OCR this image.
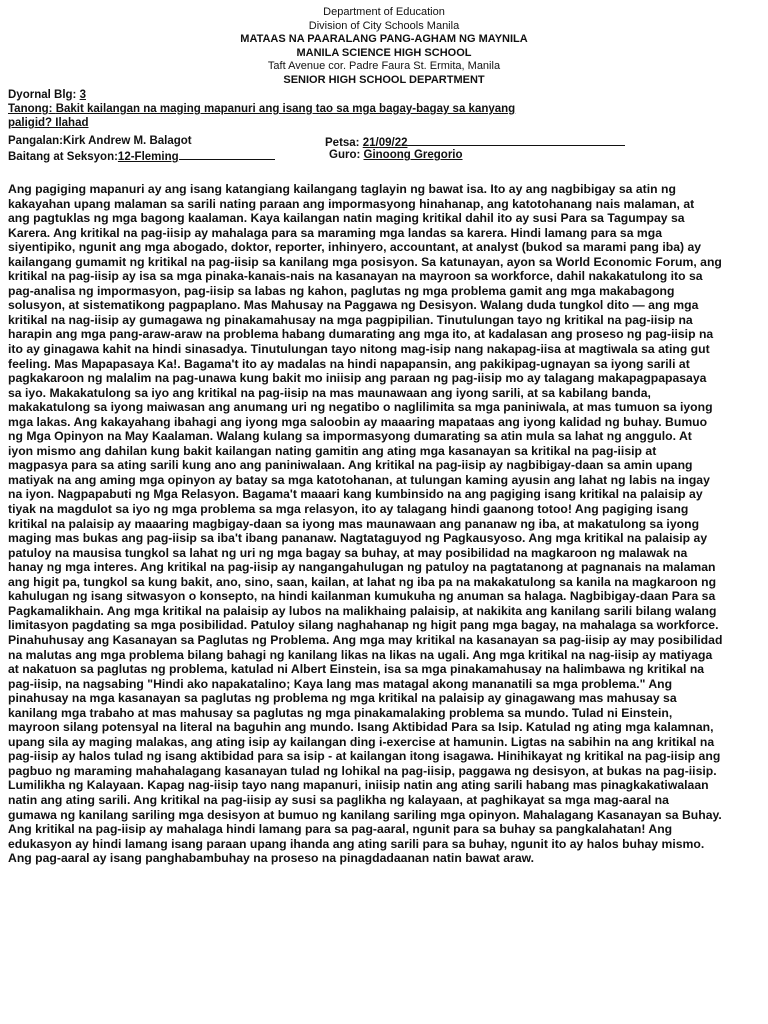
Department of Education
Division of City Schools Manila
MATAAS NA PAARALANG PANG-AGHAM NG MAYNILA
MANILA SCIENCE HIGH SCHOOL
Taft Avenue cor. Padre Faura St. Ermita, Manila
SENIOR HIGH SCHOOL DEPARTMENT
Dyornal Blg: 3
Tanong: Bakit kailangan na maging mapanuri ang isang tao sa mga bagay-bagay sa kanyang
paligid? Ilahad
Pangalan:Kirk Andrew M. Balagot	Petsa: 21/09/22
Baitang at Seksyon:12-Fleming	Guro: Ginoong Gregorio
Ang pagiging mapanuri ay ang isang katangiang kailangang taglayin ng bawat isa. Ito ay ang nagbibigay sa atin ng
kakayahan upang malaman sa sarili nating paraan ang impormasyong hinahanap, ang katotohanang nais malaman, at
ang pagtuklas ng mga bagong kaalaman. Kaya kailangan natin maging kritikal dahil ito ay susi Para sa Tagumpay sa
Karera. Ang kritikal na pag-iisip ay mahalaga para sa maraming mga landas sa karera. Hindi lamang para sa mga
siyentipiko, ngunit ang mga abogado, doktor, reporter, inhinyero, accountant, at analyst (bukod sa marami pang iba) ay
kailangang gumamit ng kritikal na pag-iisip sa kanilang mga posisyon. Sa katunayan, ayon sa World Economic Forum, ang
kritikal na pag-iisip ay isa sa mga pinaka-kanais-nais na kasanayan na mayroon sa workforce, dahil nakakatulong ito sa
pag-analisa ng impormasyon, pag-iisip sa labas ng kahon, paglutas ng mga problema gamit ang mga makabagong
solusyon, at sistematikong pagpaplano. Mas Mahusay na Paggawa ng Desisyon. Walang duda tungkol dito — ang mga
kritikal na nag-iisip ay gumagawa ng pinakamahusay na mga pagpipilian. Tinutulungan tayo ng kritikal na pag-iisip na
harapin ang mga pang-araw-araw na problema habang dumarating ang mga ito, at kadalasan ang proseso ng pag-iisip na
ito ay ginagawa kahit na hindi sinasadya. Tinutulungan tayo nitong mag-isip nang nakapag-iisa at magtiwala sa ating gut
feeling. Mas Mapapasaya Ka!. Bagama't ito ay madalas na hindi napapansin, ang pakikipag-ugnayan sa iyong sarili at
pagkakaroon ng malalim na pag-unawa kung bakit mo iniisip ang paraan ng pag-iisip mo ay talagang makapagpapasaya
sa iyo. Makakatulong sa iyo ang kritikal na pag-iisip na mas maunawaan ang iyong sarili, at sa kabilang banda,
makakatulong sa iyong maiwasan ang anumang uri ng negatibo o naglilimita sa mga paniniwala, at mas tumuon sa iyong
mga lakas. Ang kakayahang ibahagi ang iyong mga saloobin ay maaaring mapataas ang iyong kalidad ng buhay. Bumuo
ng Mga Opinyon na May Kaalaman. Walang kulang sa impormasyong dumarating sa atin mula sa lahat ng anggulo. At
iyon mismo ang dahilan kung bakit kailangan nating gamitin ang ating mga kasanayan sa kritikal na pag-iisip at
magpasya para sa ating sarili kung ano ang paniniwalaan. Ang kritikal na pag-iisip ay nagbibigay-daan sa amin upang
matiyak na ang aming mga opinyon ay batay sa mga katotohanan, at tulungan kaming ayusin ang lahat ng labis na ingay
na iyon. Nagpapabuti ng Mga Relasyon. Bagama't maaari kang kumbinsido na ang pagiging isang kritikal na palaisip ay
tiyak na magdulot sa iyo ng mga problema sa mga relasyon, ito ay talagang hindi gaanong totoo! Ang pagiging isang
kritikal na palaisip ay maaaring magbigay-daan sa iyong mas maunawaan ang pananaw ng iba, at makatulong sa iyong
maging mas bukas ang pag-iisip sa iba't ibang pananaw. Nagtataguyod ng Pagkausyoso. Ang mga kritikal na palaisip ay
patuloy na mausisa tungkol sa lahat ng uri ng mga bagay sa buhay, at may posibilidad na magkaroon ng malawak na
hanay ng mga interes. Ang kritikal na pag-iisip ay nangangahulugan ng patuloy na pagtatanong at pagnanais na malaman
ang higit pa, tungkol sa kung bakit, ano, sino, saan, kailan, at lahat ng iba pa na makakatulong sa kanila na magkaroon ng
kahulugan ng isang sitwasyon o konsepto, na hindi kailanman kumukuha ng anuman sa halaga. Nagbibigay-daan Para sa
Pagkamalikhain. Ang mga kritikal na palaisip ay lubos na malikhaing palaisip, at nakikita ang kanilang sarili bilang walang
limitasyon pagdating sa mga posibilidad. Patuloy silang naghahanap ng higit pang mga bagay, na mahalaga sa workforce.
Pinahuhusay ang Kasanayan sa Paglutas ng Problema. Ang mga may kritikal na kasanayan sa pag-iisip ay may posibilidad
na malutas ang mga problema bilang bahagi ng kanilang likas na likas na ugali. Ang mga kritikal na nag-iisip ay matiyaga
at nakatuon sa paglutas ng problema, katulad ni Albert Einstein, isa sa mga pinakamahusay na halimbawa ng kritikal na
pag-iisip, na nagsabing "Hindi ako napakatalino; Kaya lang mas matagal akong mananatili sa mga problema." Ang
pinahusay na mga kasanayan sa paglutas ng problema ng mga kritikal na palaisip ay ginagawang mas mahusay sa
kanilang mga trabaho at mas mahusay sa paglutas ng mga pinakamalaking problema sa mundo. Tulad ni Einstein,
mayroon silang potensyal na literal na baguhin ang mundo. Isang Aktibidad Para sa Isip. Katulad ng ating mga kalamnan,
upang sila ay maging malakas, ang ating isip ay kailangan ding i-exercise at hamunin. Ligtas na sabihin na ang kritikal na
pag-iisip ay halos tulad ng isang aktibidad para sa isip - at kailangan itong isagawa. Hinihikayat ng kritikal na pag-iisip ang
pagbuo ng maraming mahahalagang kasanayan tulad ng lohikal na pag-iisip, paggawa ng desisyon, at bukas na pag-iisip.
Lumilikha ng Kalayaan. Kapag nag-iisip tayo nang mapanuri, iniisip natin ang ating sarili habang mas pinagkakatiwalaan
natin ang ating sarili. Ang kritikal na pag-iisip ay susi sa paglikha ng kalayaan, at paghikayat sa mga mag-aaral na
gumawa ng kanilang sariling mga desisyon at bumuo ng kanilang sariling mga opinyon. Mahalagang Kasanayan sa Buhay.
Ang kritikal na pag-iisip ay mahalaga hindi lamang para sa pag-aaral, ngunit para sa buhay sa pangkalahatan! Ang
edukasyon ay hindi lamang isang paraan upang ihanda ang ating sarili para sa buhay, ngunit ito ay halos buhay mismo.
Ang pag-aaral ay isang panghabambuhay na proseso na pinagdadaanan natin bawat araw.
